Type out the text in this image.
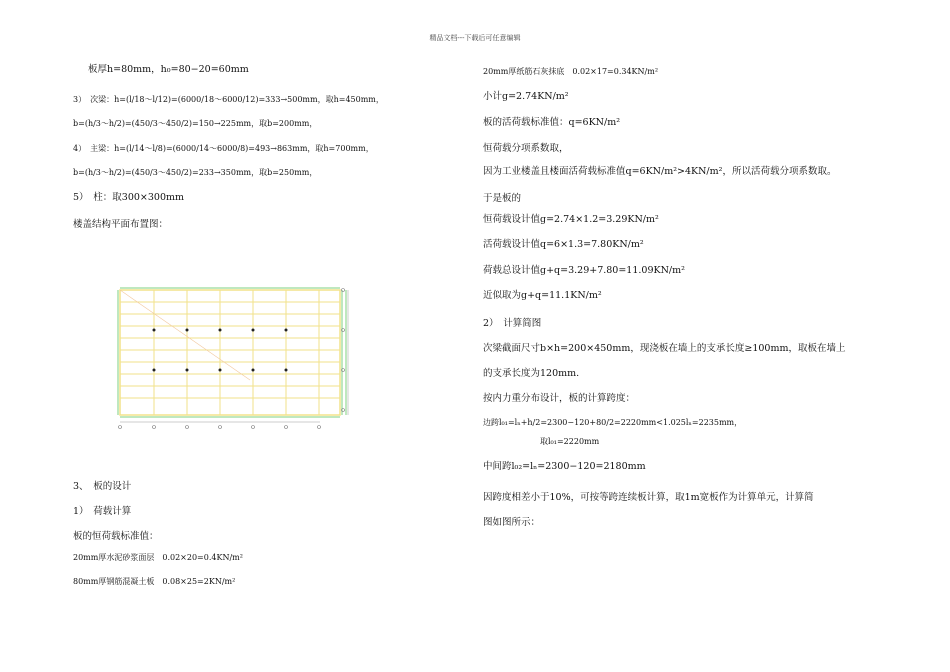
精品文档---下载后可任意编辑
板厚h=80mm，h₀=80−20=60mm
3）　次梁：h=(l/18～l/12)=(6000/18～6000/12)=333→500mm，取h=450mm，
b=(h/3～h/2)=(450/3～450/2)=150→225mm，取b=200mm，
4）　主梁：h=(l/14～l/8)=(6000/14～6000/8)=493→863mm，取h=700mm，
b=(h/3～h/2)=(450/3～450/2)=233→350mm，取b=250mm，
5）　柱：取300×300mm
楼盖结构平面布置图：
3、　板的设计
1）　荷载计算
板的恒荷载标准值：
20mm厚水泥砂浆面层　0.02×20=0.4KN/m²
80mm厚钢筋混凝土板　0.08×25=2KN/m²
20mm厚纸筋石灰抹底　0.02×17=0.34KN/m²
小计g=2.74KN/m²
板的活荷载标准值：q=6KN/m²
恒荷载分项系数取，
因为工业楼盖且楼面活荷载标准值q=6KN/m²>4KN/m²，所以活荷载分项系数取。
于是板的
恒荷载设计值g=2.74×1.2=3.29KN/m²
活荷载设计值q=6×1.3=7.80KN/m²
荷载总设计值g+q=3.29+7.80=11.09KN/m²
近似取为g+q=11.1KN/m²
2）　计算简图
次梁截面尺寸b×h=200×450mm，现浇板在墙上的支承长度≥100mm，取板在墙上
的支承长度为120mm.
按内力重分布设计，板的计算跨度：
边跨l₀₁=lₙ+h/2=2300−120+80/2=2220mm<1.025lₙ=2235mm，
取l₀₁=2220mm
中间跨l₀₂=lₙ=2300−120=2180mm
因跨度相差小于10%，可按等跨连续板计算，取1m宽板作为计算单元，计算简
图如图所示：
